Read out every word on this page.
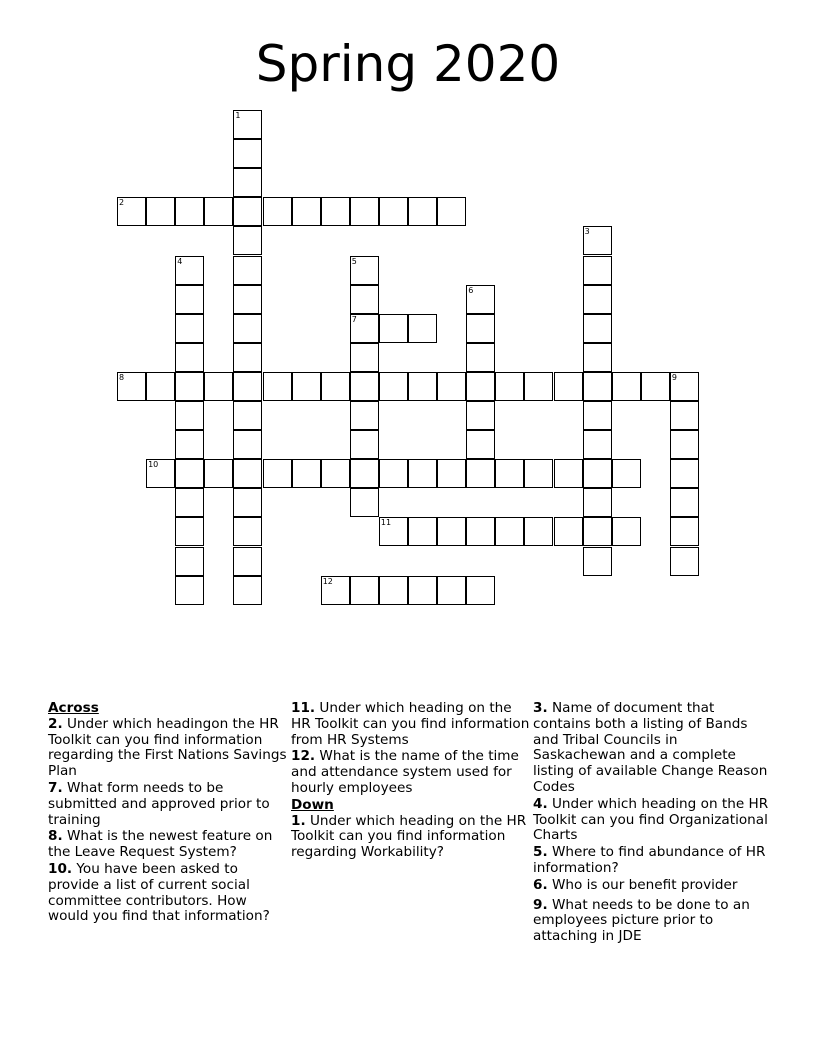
Spring 2020
1
2
3
4	5
6
7
8	9
10
11
12
Across
2. Under which headingon the HR Toolkit can you find information regarding the First Nations Savings Plan
7. What form needs to be submitted and approved prior to training
8. What is the newest feature on the Leave Request System?
10. You have been asked to provide a list of current social committee contributors. How would you find that information?
11. Under which heading on the HR Toolkit can you find information from HR Systems
12. What is the name of the time and attendance system used for hourly employees
Down
1. Under which heading on the HR Toolkit can you find information regarding Workability?
3. Name of document that contains both a listing of Bands and Tribal Councils in Saskachewan and a complete listing of available Change Reason Codes
4. Under which heading on the HR Toolkit can you find Organizational Charts
5. Where to find abundance of HR information?
6. Who is our benefit provider
9. What needs to be done to an employees picture prior to attaching in JDE
